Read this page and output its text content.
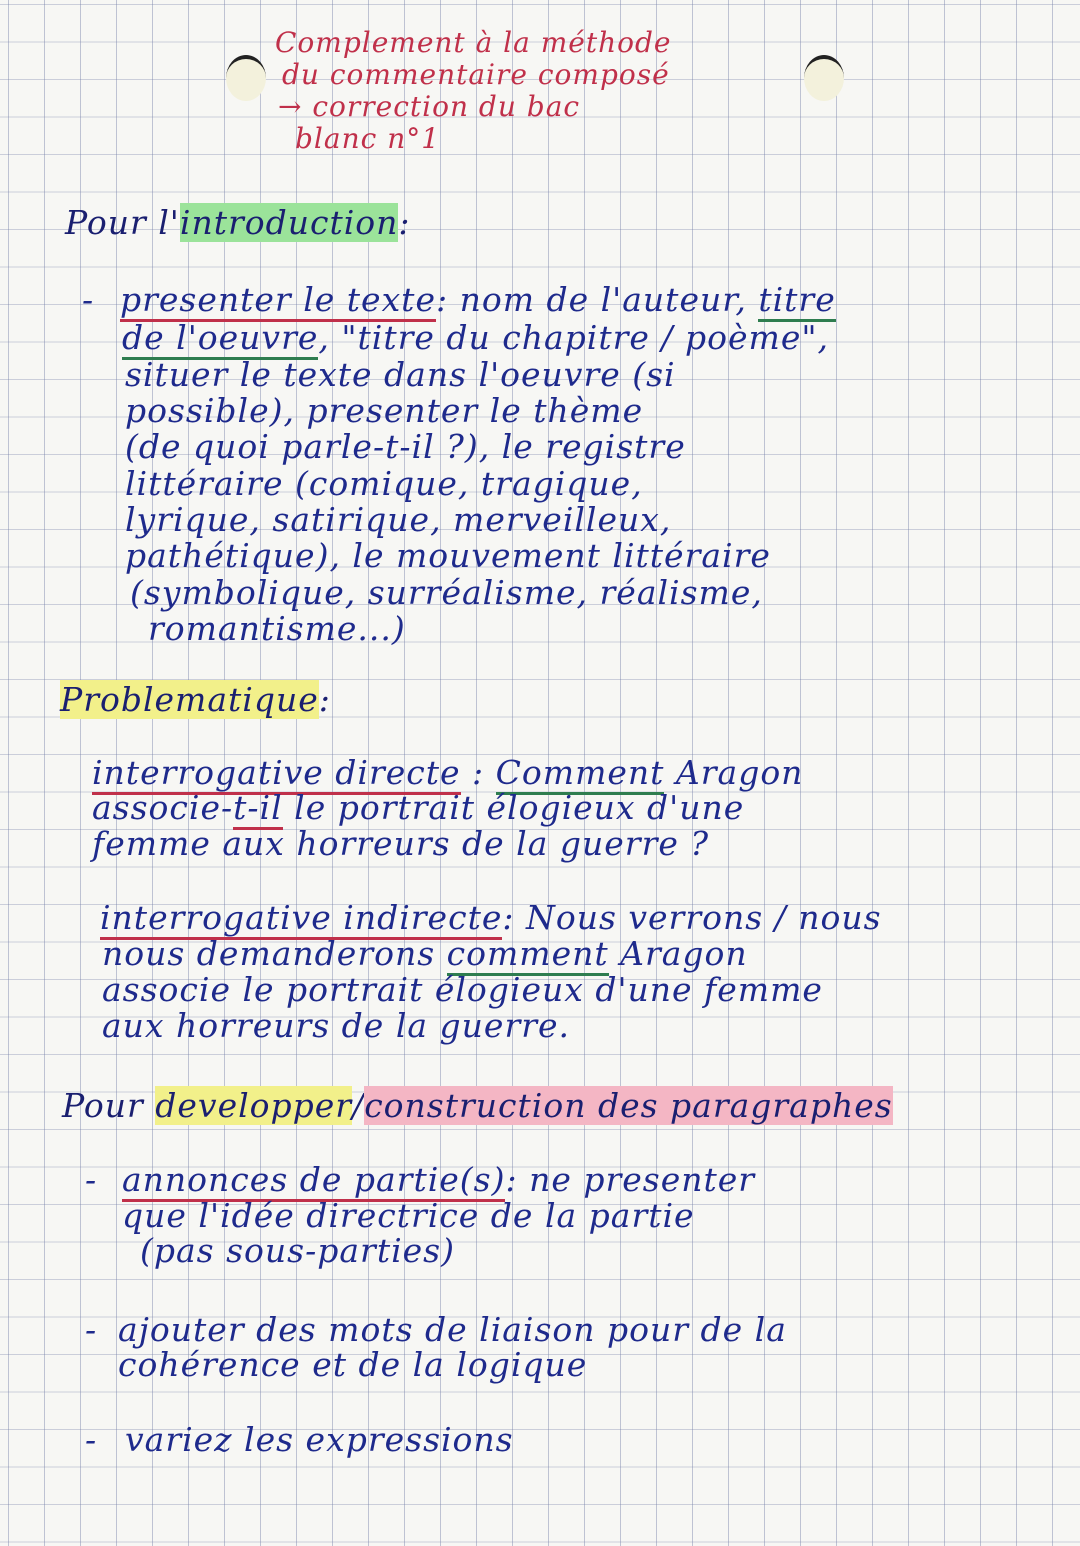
Complement à la méthode
du commentaire composé
→ correction du bac
blanc n°1
Pour l'introduction:
- presenter le texte: nom de l'auteur, titre
de l'oeuvre, "titre du chapitre / poème",
situer le texte dans l'oeuvre (si
possible), presenter le thème
(de quoi parle-t-il ?), le registre
littéraire (comique, tragique,
lyrique, satirique, merveilleux,
pathétique), le mouvement littéraire
(symbolique, surréalisme, réalisme,
romantisme...)
Problematique:
interrogative directe : Comment Aragon
associe-t-il le portrait élogieux d'une
femme aux horreurs de la guerre ?
interrogative indirecte: Nous verrons / nous
nous demanderons comment Aragon
associe le portrait élogieux d'une femme
aux horreurs de la guerre.
Pour developper/construction des paragraphes
- annonces de partie(s): ne presenter
que l'idée directrice de la partie
(pas sous-parties)
- ajouter des mots de liaison pour de la
cohérence et de la logique
- variez les expressions
